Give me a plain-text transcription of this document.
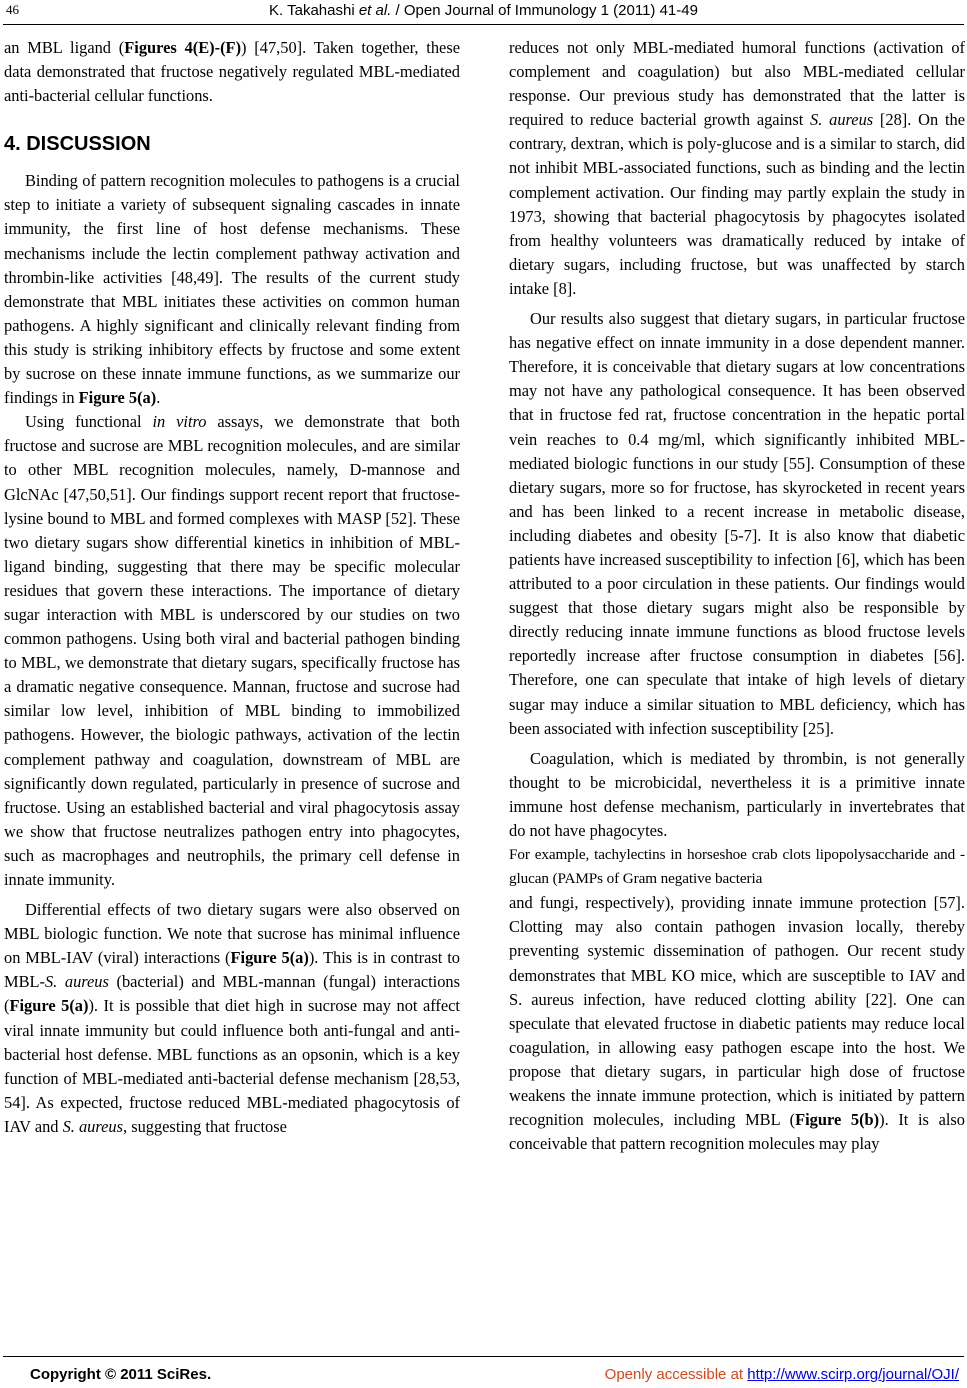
46	K. Takahashi et al. / Open Journal of Immunology 1 (2011) 41-49

an MBL ligand (Figures 4(E)-(F)) [47,50]. Taken together, these data demonstrated that fructose negatively regulated MBL-mediated anti-bacterial cellular functions.

4. DISCUSSION

Binding of pattern recognition molecules to pathogens is a crucial step to initiate a variety of subsequent signaling cascades in innate immunity, the first line of host defense mechanisms. These mechanisms include the lectin complement pathway activation and thrombin-like activities [48,49]. The results of the current study demonstrate that MBL initiates these activities on common human pathogens. A highly significant and clinically relevant finding from this study is striking inhibitory effects by fructose and some extent by sucrose on these innate immune functions, as we summarize our findings in Figure 5(a).

Using functional in vitro assays, we demonstrate that both fructose and sucrose are MBL recognition molecules, and are similar to other MBL recognition molecules, namely, D-mannose and GlcNAc [47,50,51]. Our findings support recent report that fructose-lysine bound to MBL and formed complexes with MASP [52]. These two dietary sugars show differential kinetics in inhibition of MBL-ligand binding, suggesting that there may be specific molecular residues that govern these interactions. The importance of dietary sugar interaction with MBL is underscored by our studies on two common pathogens. Using both viral and bacterial pathogen binding to MBL, we demonstrate that dietary sugars, specifically fructose has a dramatic negative consequence. Mannan, fructose and sucrose had similar low level, inhibition of MBL binding to immobilized pathogens. However, the biologic pathways, activation of the lectin complement pathway and coagulation, downstream of MBL are significantly down regulated, particularly in presence of sucrose and fructose. Using an established bacterial and viral phagocytosis assay we show that fructose neutralizes pathogen entry into phagocytes, such as macrophages and neutrophils, the primary cell defense in innate immunity.

Differential effects of two dietary sugars were also observed on MBL biologic function. We note that sucrose has minimal influence on MBL-IAV (viral) interactions (Figure 5(a)). This is in contrast to MBL-S. aureus (bacterial) and MBL-mannan (fungal) interactions (Figure 5(a)). It is possible that diet high in sucrose may not affect viral innate immunity but could influence both anti-fungal and anti-bacterial host defense. MBL functions as an opsonin, which is a key function of MBL-mediated anti-bacterial defense mechanism [28,53, 54]. As expected, fructose reduced MBL-mediated phagocytosis of IAV and S. aureus, suggesting that fructose

reduces not only MBL-mediated humoral functions (activation of complement and coagulation) but also MBL-mediated cellular response. Our previous study has demonstrated that the latter is required to reduce bacterial growth against S. aureus [28]. On the contrary, dextran, which is poly-glucose and is a similar to starch, did not inhibit MBL-associated functions, such as binding and the lectin complement activation. Our finding may partly explain the study in 1973, showing that bacterial phagocytosis by phagocytes isolated from healthy volunteers was dramatically reduced by intake of dietary sugars, including fructose, but was unaffected by starch intake [8].

Our results also suggest that dietary sugars, in particular fructose has negative effect on innate immunity in a dose dependent manner. Therefore, it is conceivable that dietary sugars at low concentrations may not have any pathological consequence. It has been observed that in fructose fed rat, fructose concentration in the hepatic portal vein reaches to 0.4 mg/ml, which significantly inhibited MBL-mediated biologic functions in our study [55]. Consumption of these dietary sugars, more so for fructose, has skyrocketed in recent years and has been linked to a recent increase in metabolic disease, including diabetes and obesity [5-7]. It is also know that diabetic patients have increased susceptibility to infection [6], which has been attributed to a poor circulation in these patients. Our findings would suggest that those dietary sugars might also be responsible by directly reducing innate immune functions as blood fructose levels reportedly increase after fructose consumption in diabetes [56]. Therefore, one can speculate that intake of high levels of dietary sugar may induce a similar situation to MBL deficiency, which has been associated with infection susceptibility [25].

Coagulation, which is mediated by thrombin, is not generally thought to be microbicidal, nevertheless it is a primitive innate immune host defense mechanism, particularly in invertebrates that do not have phagocytes.

For example, tachylectins in horseshoe crab clots lipopolysaccharide and -glucan (PAMPs of Gram negative bacteria

and fungi, respectively), providing innate immune protection [57]. Clotting may also contain pathogen invasion locally, thereby preventing systemic dissemination of pathogen. Our recent study demonstrates that MBL KO mice, which are susceptible to IAV and S. aureus infection, have reduced clotting ability [22]. One can speculate that elevated fructose in diabetic patients may reduce local coagulation, in allowing easy pathogen escape into the host. We propose that dietary sugars, in particular high dose of fructose weakens the innate immune protection, which is initiated by pattern recognition molecules, including MBL (Figure 5(b)). It is also conceivable that pattern recognition molecules may play

Copyright © 2011 SciRes.	Openly accessible at http://www.scirp.org/journal/OJI/
